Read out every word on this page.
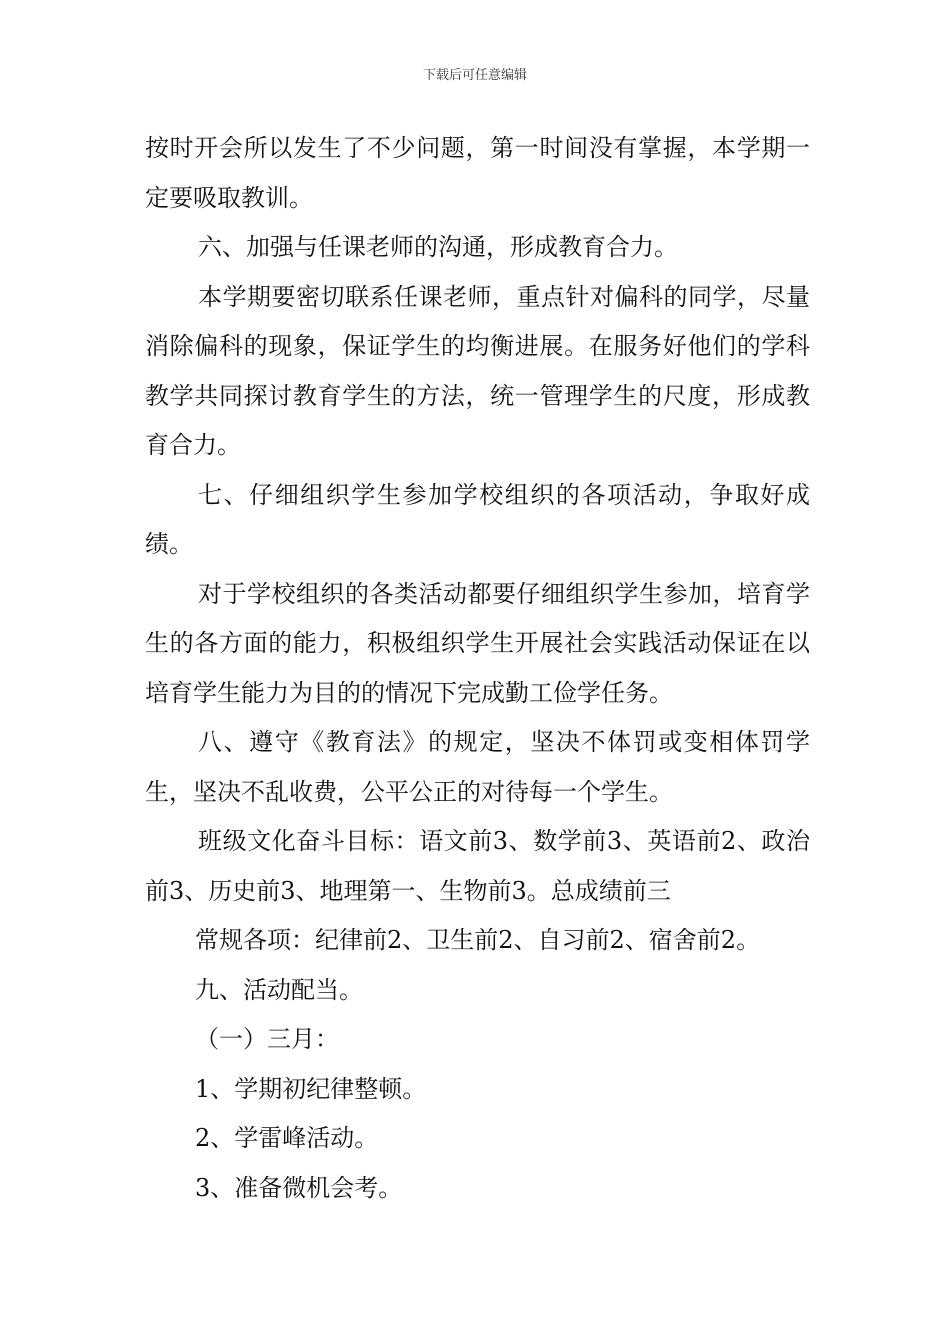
下载后可任意编辑

按时开会所以发生了不少问题，第一时间没有掌握，本学期一定要吸取教训。

六、加强与任课老师的沟通，形成教育合力。

本学期要密切联系任课老师，重点针对偏科的同学，尽量消除偏科的现象，保证学生的均衡进展。在服务好他们的学科教学共同探讨教育学生的方法，统一管理学生的尺度，形成教育合力。

七、仔细组织学生参加学校组织的各项活动，争取好成绩。

对于学校组织的各类活动都要仔细组织学生参加，培育学生的各方面的能力，积极组织学生开展社会实践活动保证在以培育学生能力为目的的情况下完成勤工俭学任务。

八、遵守《教育法》的规定，坚决不体罚或变相体罚学生，坚决不乱收费，公平公正的对待每一个学生。

班级文化奋斗目标：语文前3、数学前3、英语前2、政治前3、历史前3、地理第一、生物前3。总成绩前三

常规各项：纪律前2、卫生前2、自习前2、宿舍前2。

九、活动配当。

（一）三月：

1、学期初纪律整顿。

2、学雷峰活动。

3、准备微机会考。
